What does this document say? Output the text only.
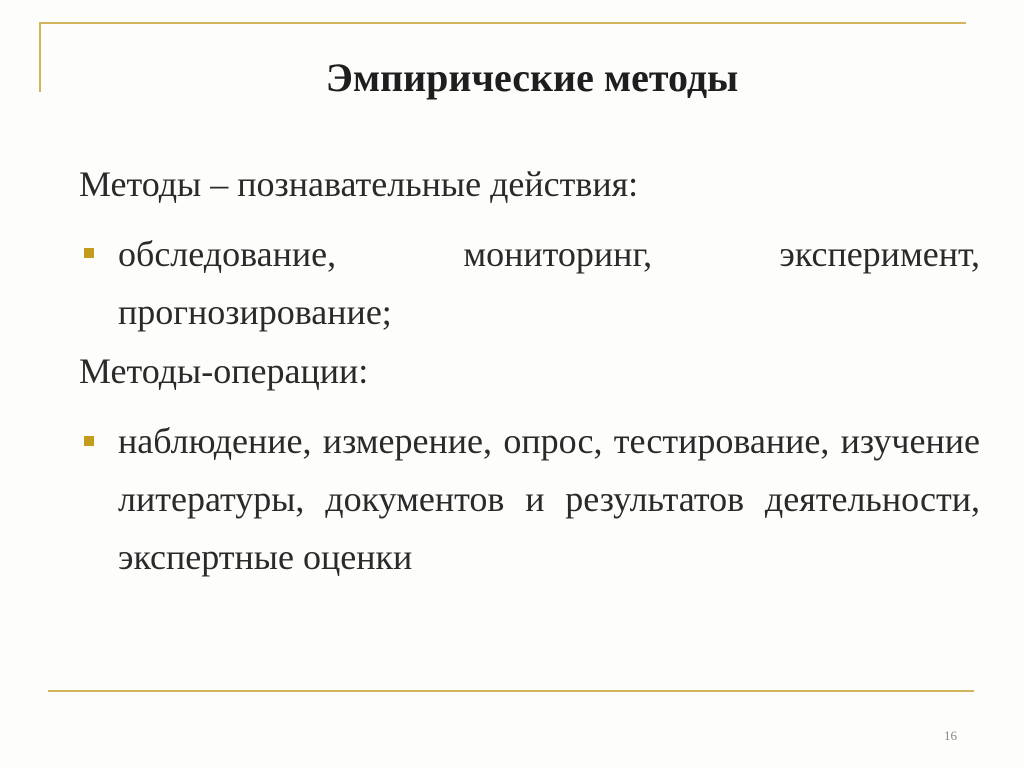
Эмпирические методы
Методы – познавательные действия:
обследование, мониторинг, эксперимент, прогнозирование;
Методы-операции:
наблюдение, измерение, опрос, тестирование, изучение литературы, документов и результатов деятельности, экспертные оценки
16
